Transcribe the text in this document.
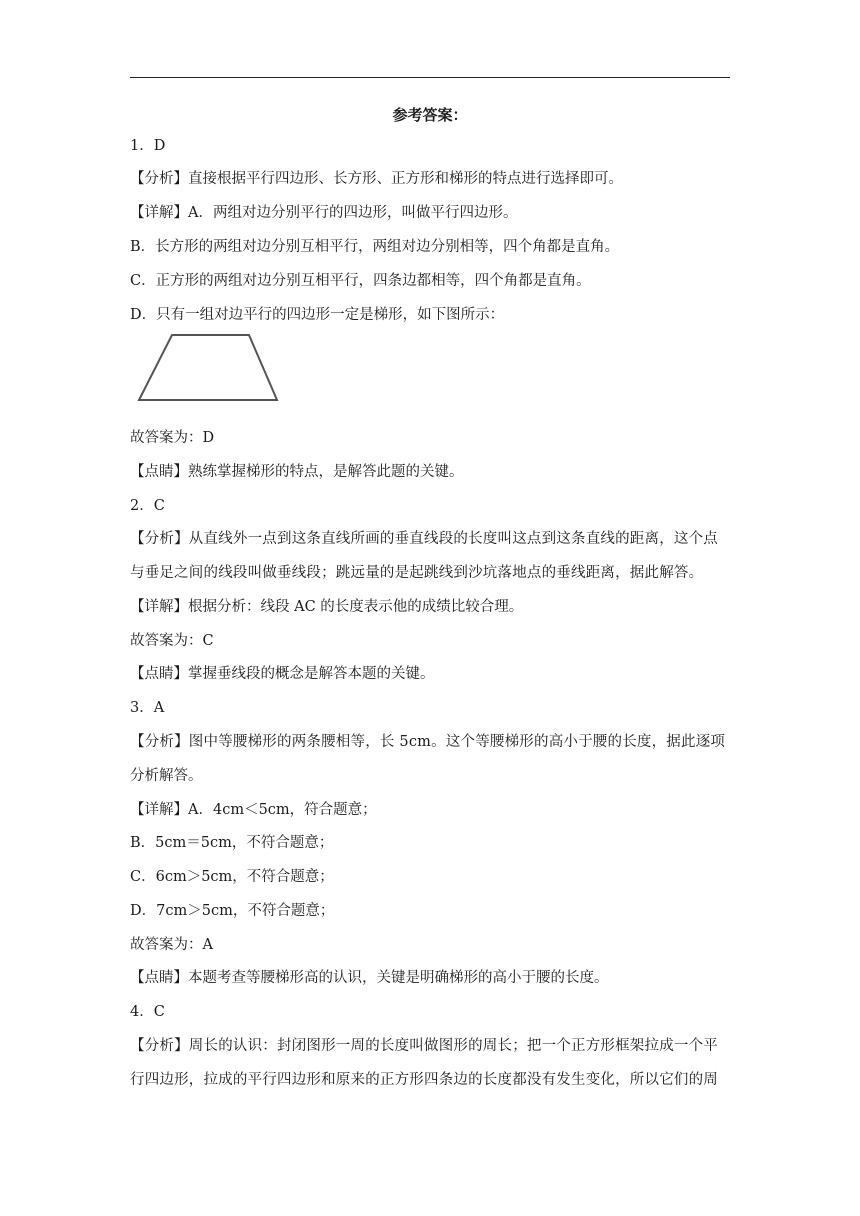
参考答案：
1．D
【分析】直接根据平行四边形、长方形、正方形和梯形的特点进行选择即可。
【详解】A．两组对边分别平行的四边形，叫做平行四边形。
B．长方形的两组对边分别互相平行，两组对边分别相等，四个角都是直角。
C．正方形的两组对边分别互相平行，四条边都相等，四个角都是直角。
D．只有一组对边平行的四边形一定是梯形，如下图所示：
故答案为：D
【点睛】熟练掌握梯形的特点，是解答此题的关键。
2．C
【分析】从直线外一点到这条直线所画的垂直线段的长度叫这点到这条直线的距离，这个点
与垂足之间的线段叫做垂线段；跳远量的是起跳线到沙坑落地点的垂线距离，据此解答。
【详解】根据分析：线段 AC 的长度表示他的成绩比较合理。
故答案为：C
【点睛】掌握垂线段的概念是解答本题的关键。
3．A
【分析】图中等腰梯形的两条腰相等，长 5cm。这个等腰梯形的高小于腰的长度，据此逐项
分析解答。
【详解】A．4cm＜5cm，符合题意；
B．5cm＝5cm，不符合题意；
C．6cm＞5cm，不符合题意；
D．7cm＞5cm，不符合题意；
故答案为：A
【点睛】本题考查等腰梯形高的认识，关键是明确梯形的高小于腰的长度。
4．C
【分析】周长的认识：封闭图形一周的长度叫做图形的周长；把一个正方形框架拉成一个平
行四边形，拉成的平行四边形和原来的正方形四条边的长度都没有发生变化，所以它们的周
